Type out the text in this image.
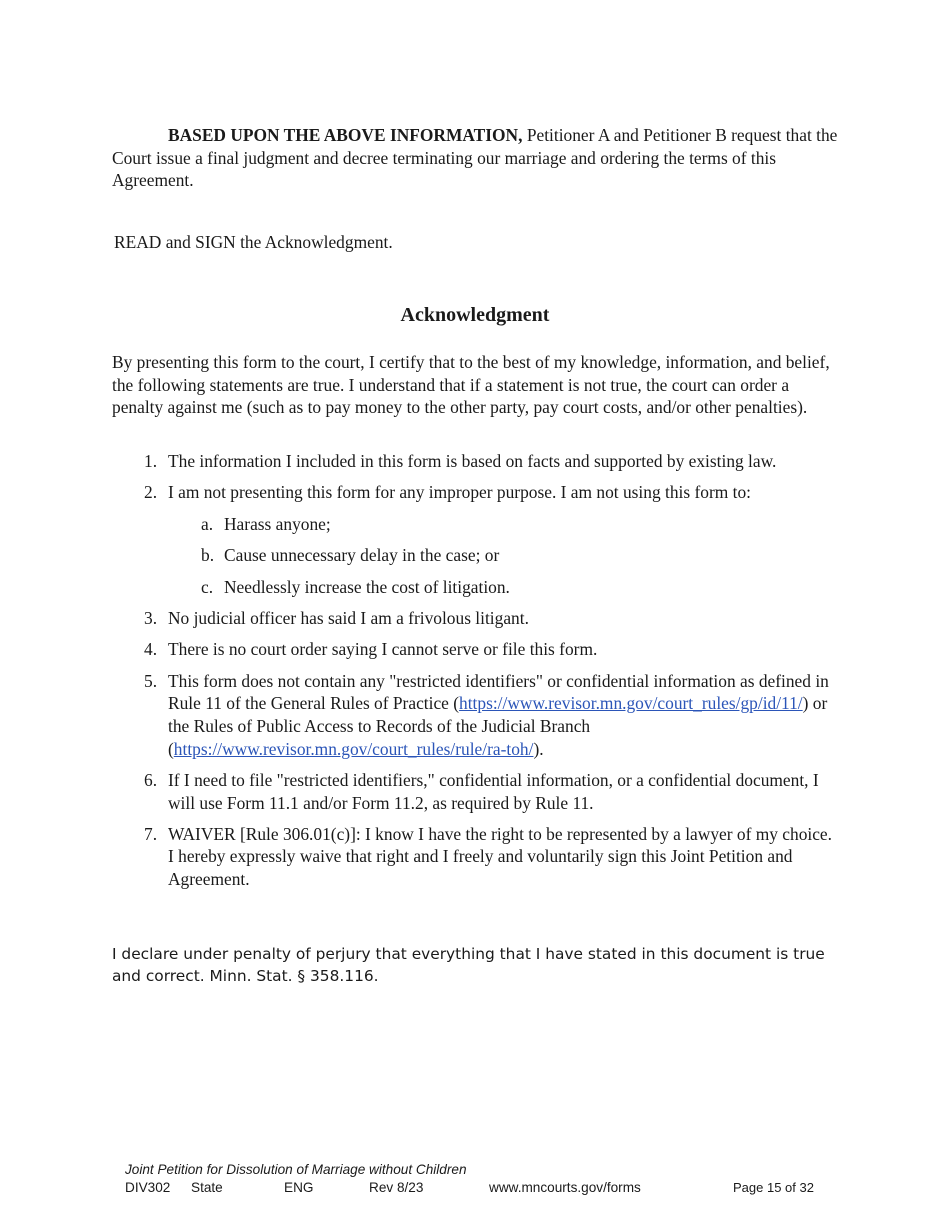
BASED UPON THE ABOVE INFORMATION, Petitioner A and Petitioner B request that the Court issue a final judgment and decree terminating our marriage and ordering the terms of this Agreement.
READ and SIGN the Acknowledgment.
Acknowledgment
By presenting this form to the court, I certify that to the best of my knowledge, information, and belief, the following statements are true. I understand that if a statement is not true, the court can order a penalty against me (such as to pay money to the other party, pay court costs, and/or other penalties).
1. The information I included in this form is based on facts and supported by existing law.
2. I am not presenting this form for any improper purpose. I am not using this form to:
a. Harass anyone;
b. Cause unnecessary delay in the case; or
c. Needlessly increase the cost of litigation.
3. No judicial officer has said I am a frivolous litigant.
4. There is no court order saying I cannot serve or file this form.
5. This form does not contain any "restricted identifiers" or confidential information as defined in Rule 11 of the General Rules of Practice (https://www.revisor.mn.gov/court_rules/gp/id/11/) or the Rules of Public Access to Records of the Judicial Branch (https://www.revisor.mn.gov/court_rules/rule/ra-toh/).
6. If I need to file "restricted identifiers," confidential information, or a confidential document, I will use Form 11.1 and/or Form 11.2, as required by Rule 11.
7. WAIVER [Rule 306.01(c)]: I know I have the right to be represented by a lawyer of my choice. I hereby expressly waive that right and I freely and voluntarily sign this Joint Petition and Agreement.
I declare under penalty of perjury that everything that I have stated in this document is true and correct. Minn. Stat. § 358.116.
Joint Petition for Dissolution of Marriage without Children
DIV302 State	ENG	Rev 8/23	www.mncourts.gov/forms	Page 15 of 32
